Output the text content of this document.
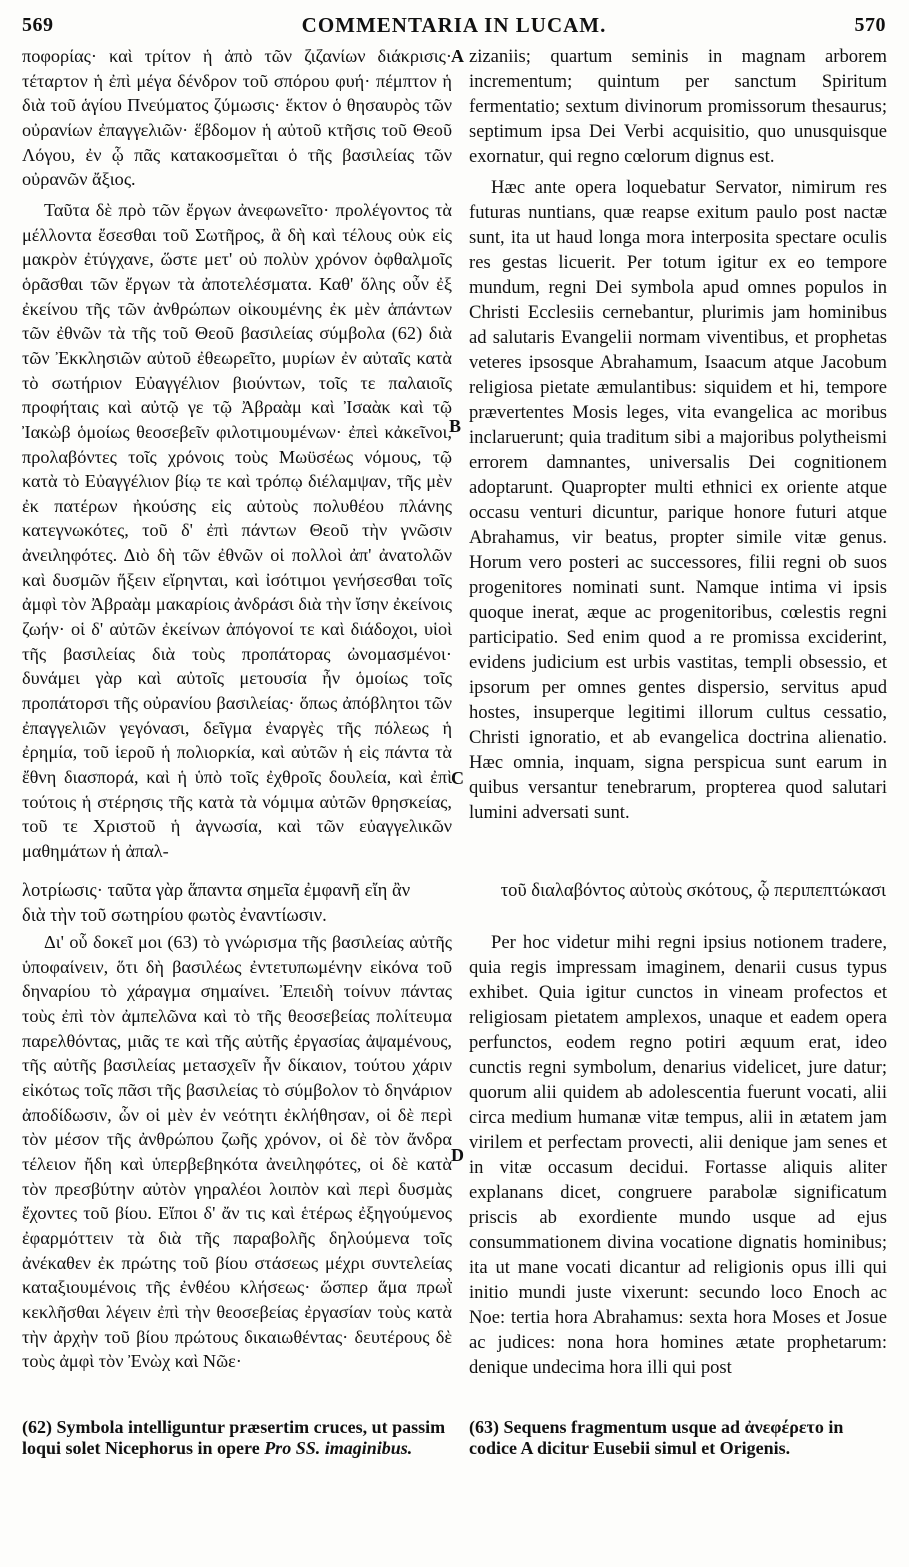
569	COMMENTARIA IN LUCAM.	570

ποφορίας· καὶ τρίτον ἡ ἀπὸ τῶν ζιζανίων διάκρισις· τέταρτον ἡ ἐπὶ μέγα δένδρον τοῦ σπόρου φυή· πέμπτον ἡ διὰ τοῦ ἁγίου Πνεύματος ζύμωσις· ἕκτον ὁ θησαυρὸς τῶν οὐρανίων ἐπαγγελιῶν· ἕβδομον ἡ αὐτοῦ κτῆσις τοῦ Θεοῦ Λόγου, ἐν ᾧ πᾶς κατακοσμεῖται ὁ τῆς βασιλείας τῶν οὐρανῶν ἄξιος.

Ταῦτα δὲ πρὸ τῶν ἔργων ἀνεφωνεῖτο· προλέγοντος τὰ μέλλοντα ἔσεσθαι τοῦ Σωτῆρος, ἃ δὴ καὶ τέλους οὐκ εἰς μακρὸν ἐτύγχανε, ὥστε μετ' οὐ πολὺν χρόνον ὀφθαλμοῖς ὁρᾶσθαι τῶν ἔργων τὰ ἀποτελέσματα. Καθ' ὅλης οὖν ἐξ ἐκείνου τῆς τῶν ἀνθρώπων οἰκουμένης ἐκ μὲν ἁπάντων τῶν ἐθνῶν τὰ τῆς τοῦ Θεοῦ βασιλείας σύμβολα (62) διὰ τῶν Ἐκκλησιῶν αὐτοῦ ἐθεωρεῖτο, μυρίων ἐν αὐταῖς κατὰ τὸ σωτήριον Εὐαγγέλιον βιούντων, τοῖς τε παλαιοῖς προφήταις καὶ αὐτῷ γε τῷ Ἀβραὰμ καὶ Ἰσαὰκ καὶ τῷ Ἰακὼβ ὁμοίως θεοσεβεῖν φιλοτιμουμένων· ἐπεὶ κἀκεῖνοι, προλαβόντες τοῖς χρόνοις τοὺς Μωϋσέως νόμους, τῷ κατὰ τὸ Εὐαγγέλιον βίῳ τε καὶ τρόπῳ διέλαμψαν, τῆς μὲν ἐκ πατέρων ἠκούσης εἰς αὐτοὺς πολυθέου πλάνης κατεγνωκότες, τοῦ δ' ἐπὶ πάντων Θεοῦ τὴν γνῶσιν ἀνειληφότες. Διὸ δὴ τῶν ἐθνῶν οἱ πολλοὶ ἀπ' ἀνατολῶν καὶ δυσμῶν ἥξειν εἴρηνται, καὶ ἰσότιμοι γενήσεσθαι τοῖς ἀμφὶ τὸν Ἀβραὰμ μακαρίοις ἀνδράσι διὰ τὴν ἴσην ἐκείνοις ζωήν· οἱ δ' αὐτῶν ἐκείνων ἀπόγονοί τε καὶ διάδοχοι, υἱοὶ τῆς βασιλείας διὰ τοὺς προπάτορας ὠνομασμένοι· δυνάμει γὰρ καὶ αὐτοῖς μετουσία ἦν ὁμοίως τοῖς προπάτορσι τῆς οὐρανίου βασιλείας· ὅπως ἀπόβλητοι τῶν ἐπαγγελιῶν γεγόνασι, δεῖγμα ἐναργὲς τῆς πόλεως ἡ ἐρημία, τοῦ ἱεροῦ ἡ πολιορκία, καὶ αὐτῶν ἡ εἰς πάντα τὰ ἔθνη διασπορά, καὶ ἡ ὑπὸ τοῖς ἐχθροῖς δουλεία, καὶ ἐπὶ τούτοις ἡ στέρησις τῆς κατὰ τὰ νόμιμα αὐτῶν θρησκείας, τοῦ τε Χριστοῦ ἡ ἀγνωσία, καὶ τῶν εὐαγγελικῶν μαθημάτων ἡ ἀπαλ-

zizaniis; quartum seminis in magnam arborem incrementum; quintum per sanctum Spiritum fermentatio; sextum divinorum promissorum thesaurus; septimum ipsa Dei Verbi acquisitio, quo unusquisque exornatur, qui regno cœlorum dignus est.

Hæc ante opera loquebatur Servator, nimirum res futuras nuntians, quæ reapse exitum paulo post nactæ sunt, ita ut haud longa mora interposita spectare oculis res gestas licuerit. Per totum igitur ex eo tempore mundum, regni Dei symbola apud omnes populos in Christi Ecclesiis cernebantur, plurimis jam hominibus ad salutaris Evangelii normam viventibus, et prophetas veteres ipsosque Abrahamum, Isaacum atque Jacobum religiosa pietate æmulantibus: siquidem et hi, tempore prævertentes Mosis leges, vita evangelica ac moribus inclaruerunt; quia traditum sibi a majoribus polytheismi errorem damnantes, universalis Dei cognitionem adoptarunt. Quapropter multi ethnici ex oriente atque occasu venturi dicuntur, parique honore futuri atque Abrahamus, vir beatus, propter simile vitæ genus. Horum vero posteri ac successores, filii regni ob suos progenitores nominati sunt. Namque intima vi ipsis quoque inerat, æque ac progenitoribus, cœlestis regni participatio. Sed enim quod a re promissa exciderint, evidens judicium est urbis vastitas, templi obsessio, et ipsorum per omnes gentes dispersio, servitus apud hostes, insuperque legitimi illorum cultus cessatio, Christi ignoratio, et ab evangelica doctrina alienatio. Hæc omnia, inquam, signa perspicua sunt earum in quibus versantur tenebrarum, propterea quod salutari lumini adversati sunt.

A
B
C
D
λοτρίωσις· ταῦτα γὰρ ἅπαντα σημεῖα ἐμφανῆ εἴη ἂν	τοῦ διαλαβόντος αὐτοὺς σκότους, ᾧ περιπεπτώκασι
διὰ τὴν τοῦ σωτηρίου φωτὸς ἐναντίωσιν.

Δι' οὗ δοκεῖ μοι (63) τὸ γνώρισμα τῆς βασιλείας αὐτῆς ὑποφαίνειν, ὅτι δὴ βασιλέως ἐντετυπωμένην εἰκόνα τοῦ δηναρίου τὸ χάραγμα σημαίνει. Ἐπειδὴ τοίνυν πάντας τοὺς ἐπὶ τὸν ἀμπελῶνα καὶ τὸ τῆς θεοσεβείας πολίτευμα παρελθόντας, μιᾶς τε καὶ τῆς αὐτῆς ἐργασίας ἀψαμένους, τῆς αὐτῆς βασιλείας μετασχεῖν ἦν δίκαιον, τούτου χάριν εἰκότως τοῖς πᾶσι τῆς βασιλείας τὸ σύμβολον τὸ δηνάριον ἀποδίδωσιν, ὧν οἱ μὲν ἐν νεότητι ἐκλήθησαν, οἱ δὲ περὶ τὸν μέσον τῆς ἀνθρώπου ζωῆς χρόνον, οἱ δὲ τὸν ἄνδρα τέλειον ἤδη καὶ ὑπερβεβηκότα ἀνειληφότες, οἱ δὲ κατὰ τὸν πρεσβύτην αὐτὸν γηραλέοι λοιπὸν καὶ περὶ δυσμὰς ἔχοντες τοῦ βίου. Εἴποι δ' ἄν τις καὶ ἑτέρως ἐξηγούμενος ἐφαρμόττειν τὰ διὰ τῆς παραβολῆς δηλούμενα τοῖς ἀνέκαθεν ἐκ πρώτης τοῦ βίου στάσεως μέχρι συντελείας καταξιουμένοις τῆς ἐνθέου κλήσεως· ὥσπερ ἅμα πρωῒ κεκλῆσθαι λέγειν ἐπὶ τὴν θεοσεβείας ἐργασίαν τοὺς κατὰ τὴν ἀρχὴν τοῦ βίου πρώτους δικαιωθέντας· δευτέρους δὲ τοὺς ἀμφὶ τὸν Ἐνὼχ καὶ Νῶε·

Per hoc videtur mihi regni ipsius notionem tradere, quia regis impressam imaginem, denarii cusus typus exhibet. Quia igitur cunctos in vineam profectos et religiosam pietatem amplexos, unaque et eadem opera perfunctos, eodem regno potiri æquum erat, ideo cunctis regni symbolum, denarius videlicet, jure datur; quorum alii quidem ab adolescentia fuerunt vocati, alii circa medium humanæ vitæ tempus, alii in ætatem jam virilem et perfectam provecti, alii denique jam senes et in vitæ occasum decidui. Fortasse aliquis aliter explanans dicet, congruere parabolæ significatum priscis ab exordiente mundo usque ad ejus consummationem divina vocatione dignatis hominibus; ita ut mane vocati dicantur ad religionis opus illi qui initio mundi juste vixerunt: secundo loco Enoch ac Noe: tertia hora Abrahamus: sexta hora Moses et Josue ac judices: nona hora homines ætate prophetarum: denique undecima hora illi qui post

(62) Symbola intelliguntur præsertim cruces, ut passim loqui solet Nicephorus in opere Pro SS. imaginibus.
(63) Sequens fragmentum usque ad ἀνεφέρετο in codice A dicitur Eusebii simul et Origenis.
